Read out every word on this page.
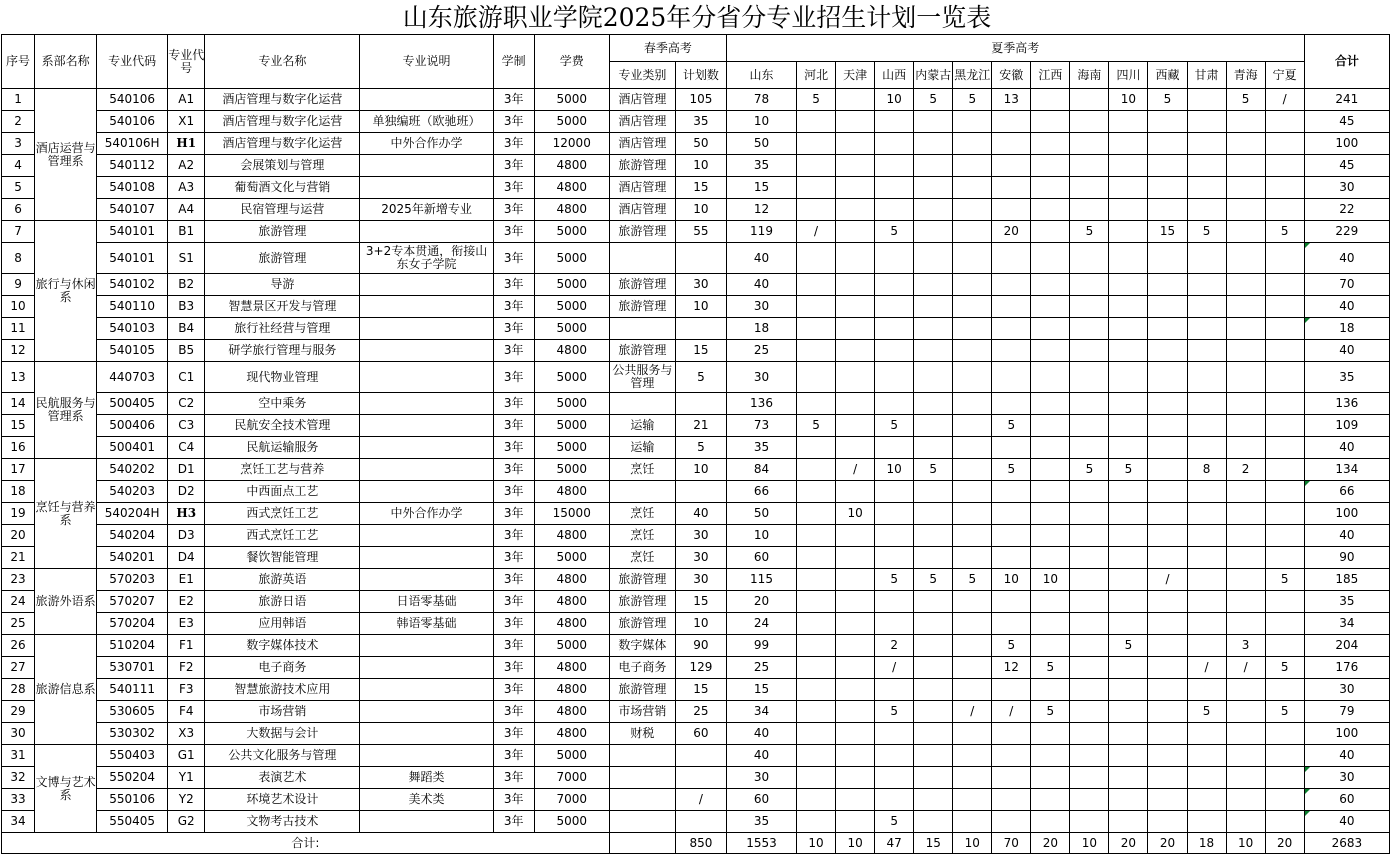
山东旅游职业学院2025年分省分专业招生计划一览表
序号	系部名称	专业代码	专业代号	专业名称	专业说明	学制	学费	春季高考		夏季高考														合计
								专业类别	计划数	山东	河北	天津	山西	内蒙古	黑龙江	安徽	江西	海南	四川	西藏	甘肃	青海	宁夏	
1	酒店运营与管理系	540106	A1	酒店管理与数字化运营		3年	5000	酒店管理	105	78	5		10	5	5	13			10	5		5	/	241
2		540106	X1	酒店管理与数字化运营	单独编班（欧驰班）	3年	5000	酒店管理	35	10														45
3		540106H	H1	酒店管理与数字化运营	中外合作办学	3年	12000	酒店管理	50	50														100
4		540112	A2	会展策划与管理		3年	4800	旅游管理	10	35														45
5		540108	A3	葡萄酒文化与营销		3年	4800	酒店管理	15	15														30
6		540107	A4	民宿管理与运营	2025年新增专业	3年	4800	酒店管理	10	12														22
7	旅行与休闲系	540101	B1	旅游管理		3年	5000	旅游管理	55	119	/		5			20		5		15	5		5	229
8		540101	S1	旅游管理	3+2专本贯通，衔接山东女子学院	3年	5000			40														40
9		540102	B2	导游		3年	5000	旅游管理	30	40														70
10		540110	B3	智慧景区开发与管理		3年	5000	旅游管理	10	30														40
11		540103	B4	旅行社经营与管理		3年	5000			18														18
12		540105	B5	研学旅行管理与服务		3年	4800	旅游管理	15	25														40
13	民航服务与管理系	440703	C1	现代物业管理		3年	5000	公共服务与管理	5	30														35
14		500405	C2	空中乘务		3年	5000			136														136
15		500406	C3	民航安全技术管理		3年	5000	运输	21	73	5		5			5								109
16		500401	C4	民航运输服务		3年	5000	运输	5	35														40
17	烹饪与营养系	540202	D1	烹饪工艺与营养		3年	5000	烹饪	10	84		/	10	5		5		5	5		8	2		134
18		540203	D2	中西面点工艺		3年	4800			66														66
19		540204H	H3	西式烹饪工艺	中外合作办学	3年	15000	烹饪	40	50		10												100
20		540204	D3	西式烹饪工艺		3年	4800	烹饪	30	10														40
21		540201	D4	餐饮智能管理		3年	5000	烹饪	30	60														90
23	旅游外语系	570203	E1	旅游英语		3年	4800	旅游管理	30	115			5	5	5	10	10			/			5	185
24		570207	E2	旅游日语	日语零基础	3年	4800	旅游管理	15	20														35
25		570204	E3	应用韩语	韩语零基础	3年	4800	旅游管理	10	24														34
26	旅游信息系	510204	F1	数字媒体技术		3年	5000	数字媒体	90	99			2			5			5			3		204
27		530701	F2	电子商务		3年	4800	电子商务	129	25			/			12	5				/	/	5	176
28		540111	F3	智慧旅游技术应用		3年	4800	旅游管理	15	15														30
29		530605	F4	市场营销		3年	4800	市场营销	25	34			5		/	/	5				5		5	79
30		530302	X3	大数据与会计		3年	4800	财税	60	40														100
31	文博与艺术系	550403	G1	公共文化服务与管理		3年	5000			40														40
32		550204	Y1	表演艺术	舞蹈类	3年	7000			30														30
33		550106	Y2	环境艺术设计	美术类	3年	7000		/	60														60
34		550405	G2	文物考古技术		3年	5000			35			5											40
合计:									850	1553	10	10	47	15	10	70	20	10	20	20	18	10	20	2683
